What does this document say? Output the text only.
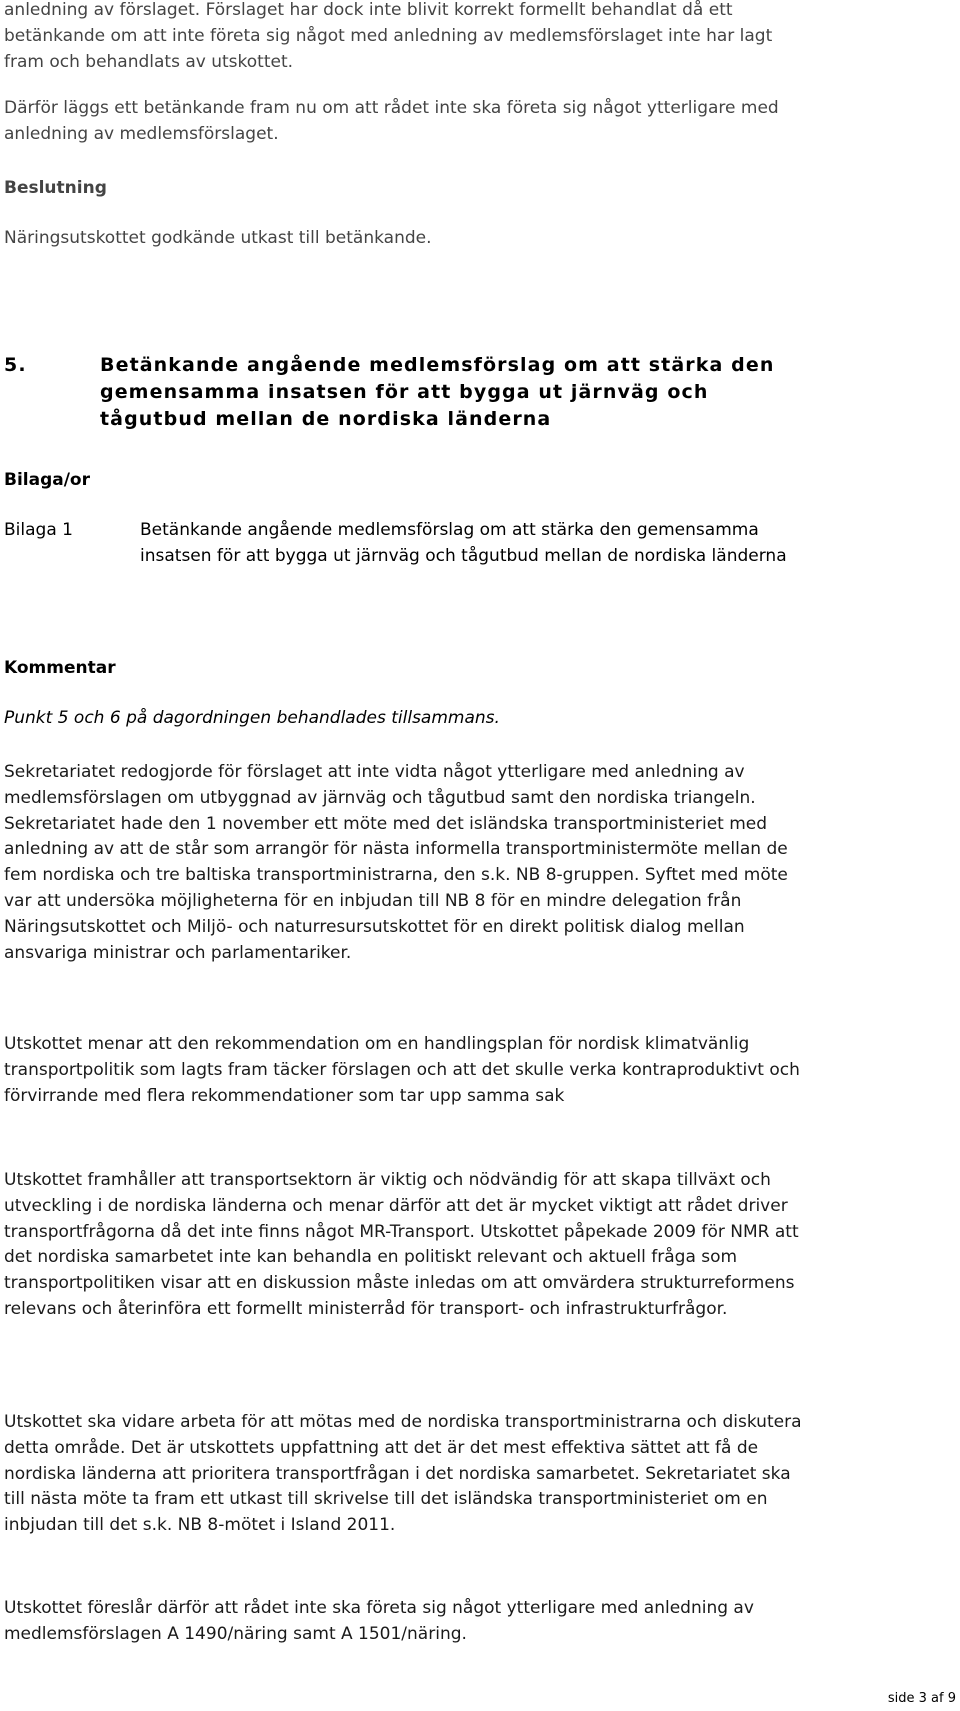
anledning av förslaget. Förslaget har dock inte blivit korrekt formellt behandlat då ett betänkande om att inte företa sig något med anledning av medlemsförslaget inte har lagt fram och behandlats av utskottet.

Därför läggs ett betänkande fram nu om att rådet inte ska företa sig något ytterligare med anledning av medlemsförslaget.

Beslutning

Näringsutskottet godkände utkast till betänkande.

5.	Betänkande angående medlemsförslag om att stärka den gemensamma insatsen för att bygga ut järnväg och tågutbud mellan de nordiska länderna

Bilaga/or

Bilaga 1	Betänkande angående medlemsförslag om att stärka den gemensamma insatsen för att bygga ut järnväg och tågutbud mellan de nordiska länderna

Kommentar

Punkt 5 och 6 på dagordningen behandlades tillsammans.

Sekretariatet redogjorde för förslaget att inte vidta något ytterligare med anledning av medlemsförslagen om utbyggnad av järnväg och tågutbud samt den nordiska triangeln. Sekretariatet hade den 1 november ett möte med det isländska transportministeriet med anledning av att de står som arrangör för nästa informella transportministermöte mellan de fem nordiska och tre baltiska transportministrarna, den s.k. NB 8-gruppen. Syftet med möte var att undersöka möjligheterna för en inbjudan till NB 8 för en mindre delegation från Näringsutskottet och Miljö- och naturresursutskottet för en direkt politisk dialog mellan ansvariga ministrar och parlamentariker.

Utskottet menar att den rekommendation om en handlingsplan för nordisk klimatvänlig transportpolitik som lagts fram täcker förslagen och att det skulle verka kontraproduktivt och förvirrande med flera rekommendationer som tar upp samma sak

Utskottet framhåller att transportsektorn är viktig och nödvändig för att skapa tillväxt och utveckling i de nordiska länderna och menar därför att det är mycket viktigt att rådet driver transportfrågorna då det inte finns något MR-Transport. Utskottet påpekade 2009 för NMR att det nordiska samarbetet inte kan behandla en politiskt relevant och aktuell fråga som transportpolitiken visar att en diskussion måste inledas om att omvärdera strukturreformens relevans och återinföra ett formellt ministerråd för transport- och infrastrukturfrågor.

Utskottet ska vidare arbeta för att mötas med de nordiska transportministrarna och diskutera detta område. Det är utskottets uppfattning att det är det mest effektiva sättet att få de nordiska länderna att prioritera transportfrågan i det nordiska samarbetet. Sekretariatet ska till nästa möte ta fram ett utkast till skrivelse till det isländska transportministeriet om en inbjudan till det s.k. NB 8-mötet i Island 2011.

Utskottet föreslår därför att rådet inte ska företa sig något ytterligare med anledning av medlemsförslagen A 1490/näring samt A 1501/näring.

side 3 af 9
